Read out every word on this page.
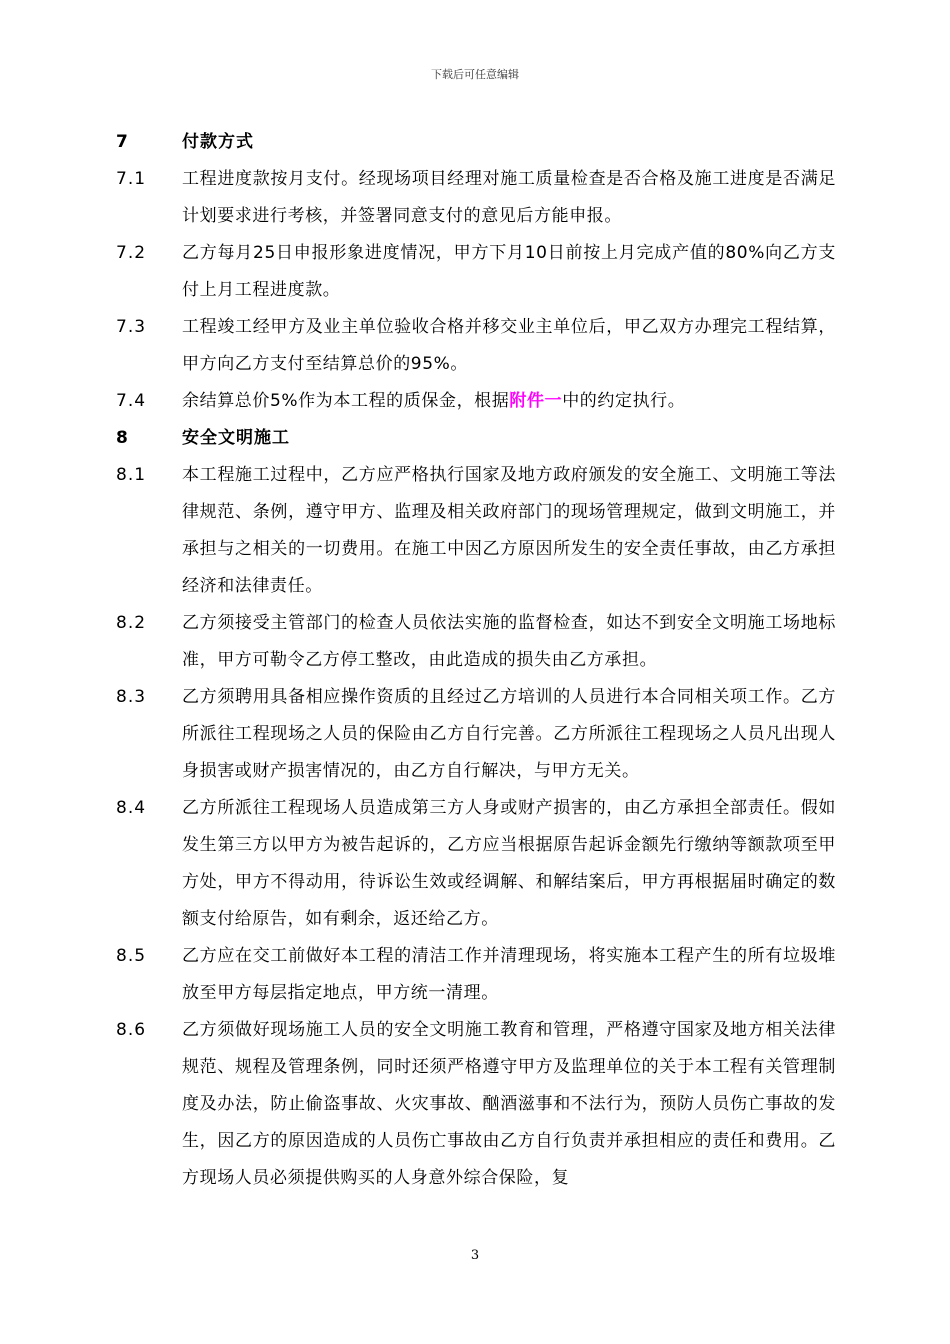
下载后可任意编辑
7	付款方式
7.1	工程进度款按月支付。经现场项目经理对施工质量检查是否合格及施工进度是否满足计划要求进行考核，并签署同意支付的意见后方能申报。
7.2	乙方每月25日申报形象进度情况，甲方下月10日前按上月完成产值的80%向乙方支付上月工程进度款。
7.3	工程竣工经甲方及业主单位验收合格并移交业主单位后，甲乙双方办理完工程结算，甲方向乙方支付至结算总价的95%。
7.4	余结算总价5%作为本工程的质保金，根据附件一中的约定执行。
8	安全文明施工
8.1	本工程施工过程中，乙方应严格执行国家及地方政府颁发的安全施工、文明施工等法律规范、条例，遵守甲方、监理及相关政府部门的现场管理规定，做到文明施工，并承担与之相关的一切费用。在施工中因乙方原因所发生的安全责任事故，由乙方承担经济和法律责任。
8.2	乙方须接受主管部门的检查人员依法实施的监督检查，如达不到安全文明施工场地标准，甲方可勒令乙方停工整改，由此造成的损失由乙方承担。
8.3	乙方须聘用具备相应操作资质的且经过乙方培训的人员进行本合同相关项工作。乙方所派往工程现场之人员的保险由乙方自行完善。乙方所派往工程现场之人员凡出现人身损害或财产损害情况的，由乙方自行解决，与甲方无关。
8.4	乙方所派往工程现场人员造成第三方人身或财产损害的，由乙方承担全部责任。假如发生第三方以甲方为被告起诉的，乙方应当根据原告起诉金额先行缴纳等额款项至甲方处，甲方不得动用，待诉讼生效或经调解、和解结案后，甲方再根据届时确定的数额支付给原告，如有剩余，返还给乙方。
8.5	乙方应在交工前做好本工程的清洁工作并清理现场，将实施本工程产生的所有垃圾堆放至甲方每层指定地点，甲方统一清理。
8.6	乙方须做好现场施工人员的安全文明施工教育和管理，严格遵守国家及地方相关法律规范、规程及管理条例，同时还须严格遵守甲方及监理单位的关于本工程有关管理制度及办法，防止偷盗事故、火灾事故、酗酒滋事和不法行为，预防人员伤亡事故的发生，因乙方的原因造成的人员伤亡事故由乙方自行负责并承担相应的责任和费用。乙方现场人员必须提供购买的人身意外综合保险，复
3
